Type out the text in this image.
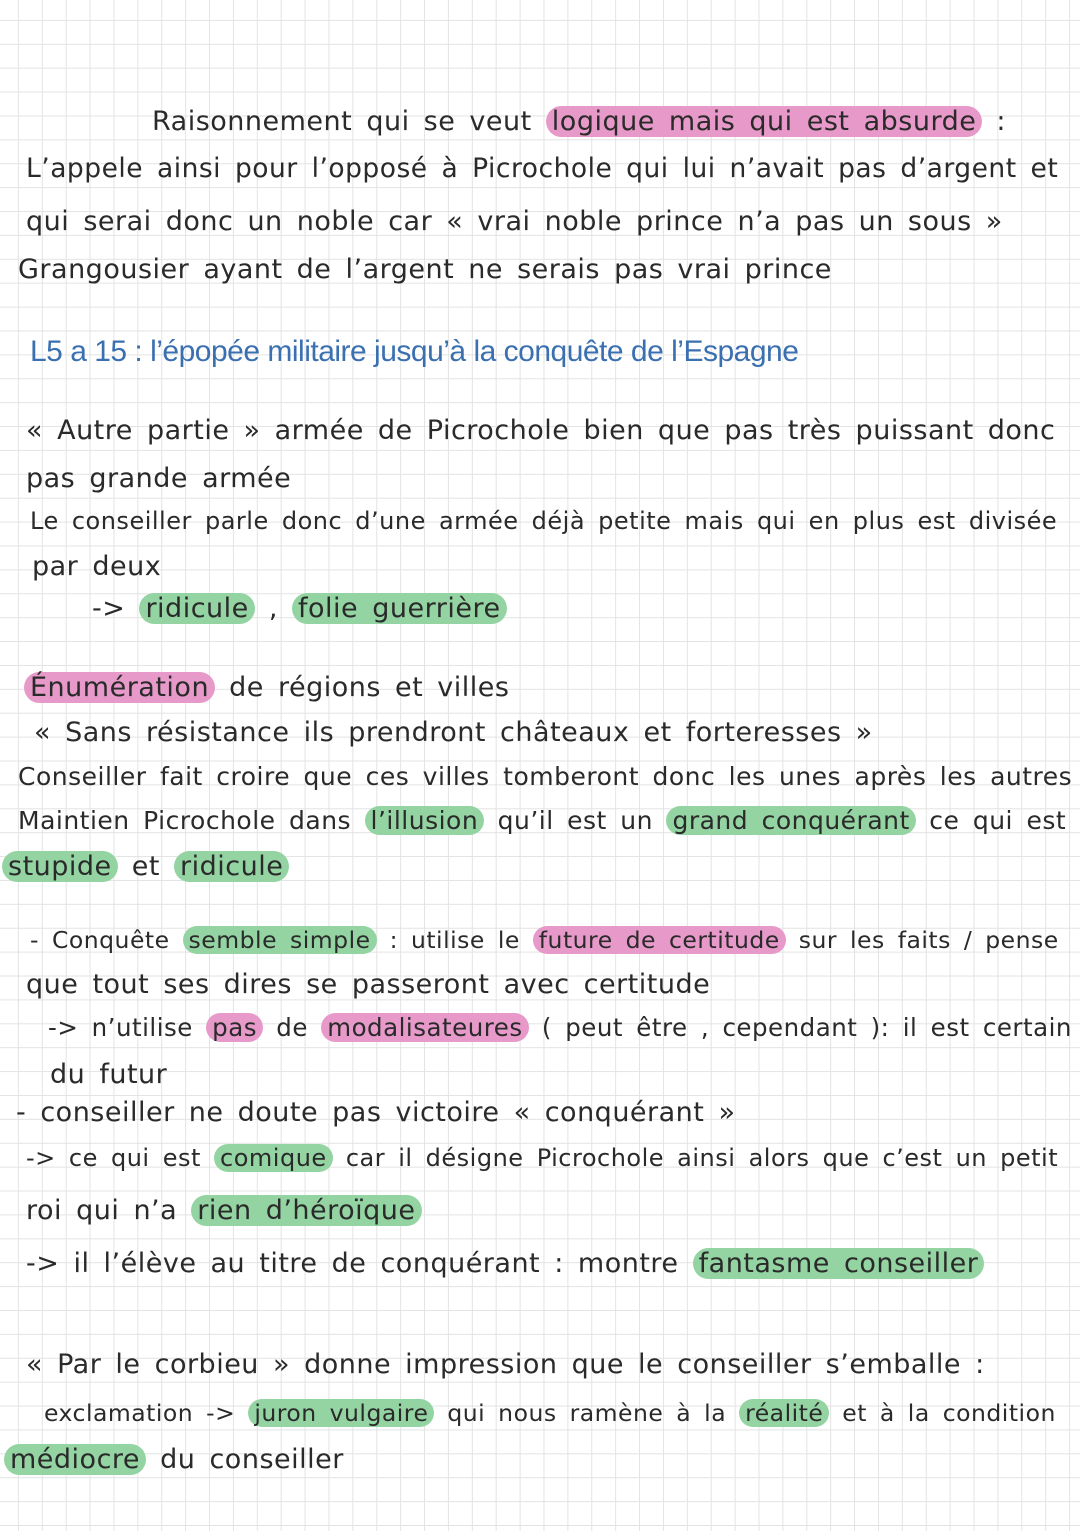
Raisonnement qui se veut logique mais qui est absurde :
L’appele ainsi pour l’opposé à Picrochole qui lui n’avait pas d’argent et
qui serai donc un noble car « vrai noble prince n’a pas un sous »
Grangousier ayant de l’argent ne serais pas vrai prince
L5 a 15 : l’épopée militaire jusqu’à la conquête de l’Espagne
« Autre partie » armée de Picrochole bien que pas très puissant donc
pas grande armée
Le conseiller parle donc d’une armée déjà petite mais qui en plus est divisée
par deux
-> ridicule , folie guerrière
Énumération de régions et villes
« Sans résistance ils prendront châteaux et forteresses »
Conseiller fait croire que ces villes tomberont donc les unes après les autres
Maintien Picrochole dans l’illusion qu’il est un grand conquérant ce qui est
stupide et ridicule
- Conquête semble simple : utilise le future de certitude sur les faits / pense
que tout ses dires se passeront avec certitude
-> n’utilise pas de modalisateures ( peut être , cependant ): il est certain
du futur
- conseiller ne doute pas victoire « conquérant »
-> ce qui est comique car il désigne Picrochole ainsi alors que c’est un petit
roi qui n’a rien d’héroïque
-> il l’élève au titre de conquérant : montre fantasme conseiller
« Par le corbieu » donne impression que le conseiller s’emballe :
exclamation -> juron vulgaire qui nous ramène à la réalité et à la condition
médiocre du conseiller
